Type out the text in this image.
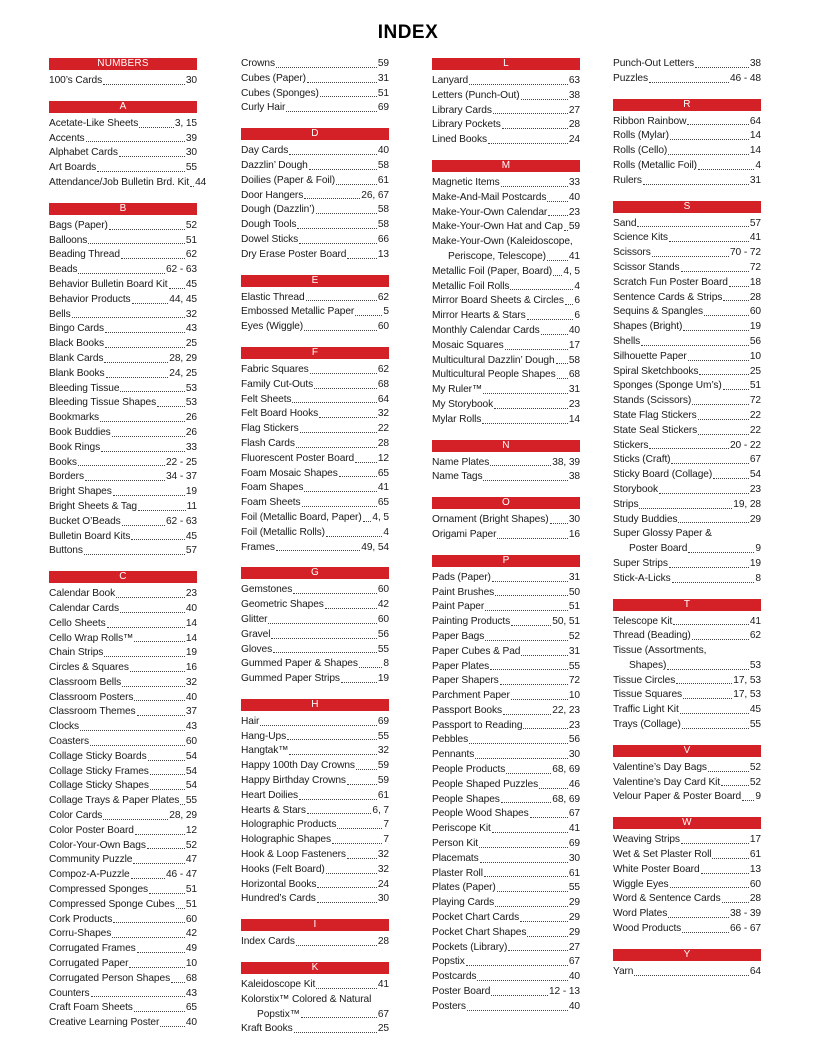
INDEX
NUMBERS
100’s Cards	30
A
Acetate-Like Sheets	3, 15
Accents	39
Alphabet Cards	30
Art Boards	55
Attendance/Job Bulletin Brd. Kit 44
B
Bags (Paper)	52
Balloons	51
Beading Thread	62
Beads	62 - 63
Behavior Bulletin Board Kit 45
Behavior Products	44, 45
Bells	32
Bingo Cards	43
Black Books	25
Blank Cards	28, 29
Blank Books	24, 25
Bleeding Tissue	53
Bleeding Tissue Shapes	53
Bookmarks	26
Book Buddies	26
Book Rings	33
Books	22 - 25
Borders	34 - 37
Bright Shapes	19
Bright Sheets & Tag	11
Bucket O’Beads	62 - 63
Bulletin Board Kits	45
Buttons	57
C
Calendar Book	23
Calendar Cards	40
Cello Sheets	14
Cello Wrap Rolls™	14
Chain Strips	19
Circles & Squares	16
Classroom Bells	32
Classroom Posters	40
Classroom Themes	37
Clocks	43
Coasters	60
Collage Sticky Boards	54
Collage Sticky Frames	54
Collage Sticky Shapes	54
Collage Trays & Paper Plates 55
Color Cards	28, 29
Color Poster Board	12
Color-Your-Own Bags	52
Community Puzzle	47
Compoz-A-Puzzle	46 - 47
Compressed Sponges	51
Compressed Sponge Cubes 51
Cork Products	60
Corru-Shapes	42
Corrugated Frames	49
Corrugated Paper	10
Corrugated Person Shapes 68
Counters	43
Craft Foam Sheets	65
Creative Learning Poster	40
Crowns	59
Cubes (Paper)	31
Cubes (Sponges)	51
Curly Hair	69
D
Day Cards	40
Dazzlin’ Dough	58
Doilies (Paper & Foil)	61
Door Hangers	26, 67
Dough (Dazzlin’)	58
Dough Tools	58
Dowel Sticks	66
Dry Erase Poster Board	13
E
Elastic Thread	62
Embossed Metallic Paper	5
Eyes (Wiggle)	60
F
Fabric Squares	62
Family Cut-Outs	68
Felt Sheets	64
Felt Board Hooks	32
Flag Stickers	22
Flash Cards	28
Fluorescent Poster Board 12
Foam Mosaic Shapes	65
Foam Shapes	41
Foam Sheets	65
Foil (Metallic Board, Paper) 4, 5
Foil (Metallic Rolls)	4
Frames	49, 54
G
Gemstones	60
Geometric Shapes	42
Glitter	60
Gravel	56
Gloves	55
Gummed Paper & Shapes	8
Gummed Paper Strips	19
H
Hair	69
Hang-Ups	55
Hangtak™	32
Happy 100th Day Crowns 59
Happy Birthday Crowns	59
Heart Doilies	61
Hearts & Stars	6, 7
Holographic Products	7
Holographic Shapes	7
Hook & Loop Fasteners	32
Hooks (Felt Board)	32
Horizontal Books	24
Hundred’s Cards	30
I
Index Cards	28
K
Kaleidoscope Kit	41
Kolorstix™ Colored & Natural
Popstix™	67
Kraft Books	25
L
Lanyard	63
Letters (Punch-Out)	38
Library Cards	27
Library Pockets	28
Lined Books	24
M
Magnetic Items	33
Make-And-Mail Postcards 40
Make-Your-Own Calendar 23
Make-Your-Own Hat and Cap 59
Make-Your-Own (Kaleidoscope,
Periscope, Telescope) 41
Metallic Foil (Paper, Board) 4, 5
Metallic Foil Rolls	4
Mirror Board Sheets & Circles 6
Mirror Hearts & Stars	6
Monthly Calendar Cards	40
Mosaic Squares	17
Multicultural Dazzlin’ Dough 58
Multicultural People Shapes 68
My Ruler™	31
My Storybook	23
Mylar Rolls	14
N
Name Plates	38, 39
Name Tags	38
O
Ornament (Bright Shapes) 30
Origami Paper	16
P
Pads (Paper)	31
Paint Brushes	50
Paint Paper	51
Painting Products	50, 51
Paper Bags	52
Paper Cubes & Pad	31
Paper Plates	55
Paper Shapers	72
Parchment Paper	10
Passport Books	22, 23
Passport to Reading	23
Pebbles	56
Pennants	30
People Products	68, 69
People Shaped Puzzles	46
People Shapes	68, 69
People Wood Shapes	67
Periscope Kit	41
Person Kit	69
Placemats	30
Plaster Roll	61
Plates (Paper)	55
Playing Cards	29
Pocket Chart Cards	29
Pocket Chart Shapes	29
Pockets (Library)	27
Popstix	67
Postcards	40
Poster Board	12 - 13
Posters	40
Punch-Out Letters	38
Puzzles	46 - 48
R
Ribbon Rainbow	64
Rolls (Mylar)	14
Rolls (Cello)	14
Rolls (Metallic Foil)	4
Rulers	31
S
Sand	57
Science Kits	41
Scissors	70 - 72
Scissor Stands	72
Scratch Fun Poster Board 18
Sentence Cards & Strips	28
Sequins & Spangles	60
Shapes (Bright)	19
Shells	56
Silhouette Paper	10
Spiral Sketchbooks	25
Sponges (Sponge Um’s)	51
Stands (Scissors)	72
State Flag Stickers	22
State Seal Stickers	22
Stickers	20 - 22
Sticks (Craft)	67
Sticky Board (Collage)	54
Storybook	23
Strips	19, 28
Study Buddies	29
Super Glossy Paper &
Poster Board	9
Super Strips	19
Stick-A-Licks	8
T
Telescope Kit	41
Thread (Beading)	62
Tissue (Assortments,
Shapes)	53
Tissue Circles	17, 53
Tissue Squares	17, 53
Traffic Light Kit	45
Trays (Collage)	55
V
Valentine’s Day Bags	52
Valentine’s Day Card Kit	52
Velour Paper & Poster Board 9
W
Weaving Strips	17
Wet & Set Plaster Roll	61
White Poster Board	13
Wiggle Eyes	60
Word & Sentence Cards	28
Word Plates	38 - 39
Wood Products	66 - 67
Y
Yarn	64
